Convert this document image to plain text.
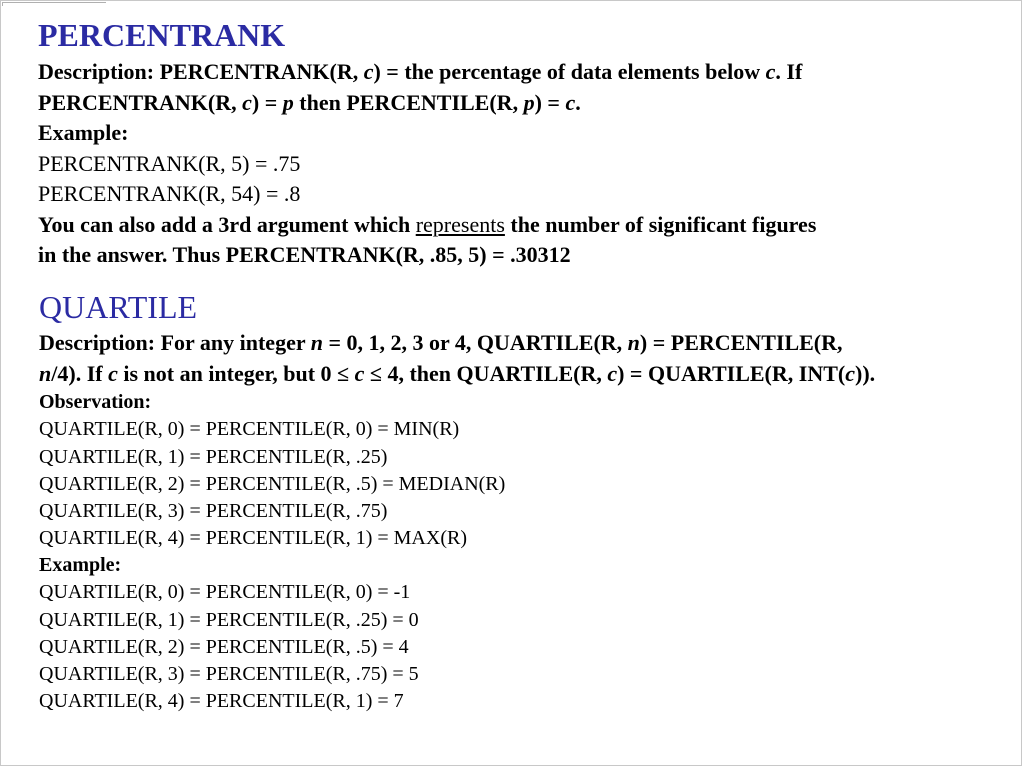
PERCENTRANK

Description: PERCENTRANK(R, c) = the percentage of data elements below c. If

PERCENTRANK(R, c) = p then PERCENTILE(R, p) = c.

Example:

PERCENTRANK(R, 5) = .75

PERCENTRANK(R, 54) = .8

You can also add a 3rd argument which represents the number of significant figures

in the answer. Thus PERCENTRANK(R, .85, 5) = .30312

QUARTILE

Description: For any integer n = 0, 1, 2, 3 or 4, QUARTILE(R, n) = PERCENTILE(R,

n/4). If c is not an integer, but 0 ≤ c ≤ 4, then QUARTILE(R, c) = QUARTILE(R, INT(c)).

Observation:

QUARTILE(R, 0) = PERCENTILE(R, 0) = MIN(R)

QUARTILE(R, 1) = PERCENTILE(R, .25)

QUARTILE(R, 2) = PERCENTILE(R, .5) = MEDIAN(R)

QUARTILE(R, 3) = PERCENTILE(R, .75)

QUARTILE(R, 4) = PERCENTILE(R, 1) = MAX(R)

Example:

QUARTILE(R, 0) = PERCENTILE(R, 0) = -1

QUARTILE(R, 1) = PERCENTILE(R, .25) = 0

QUARTILE(R, 2) = PERCENTILE(R, .5) = 4

QUARTILE(R, 3) = PERCENTILE(R, .75) = 5

QUARTILE(R, 4) = PERCENTILE(R, 1) = 7
